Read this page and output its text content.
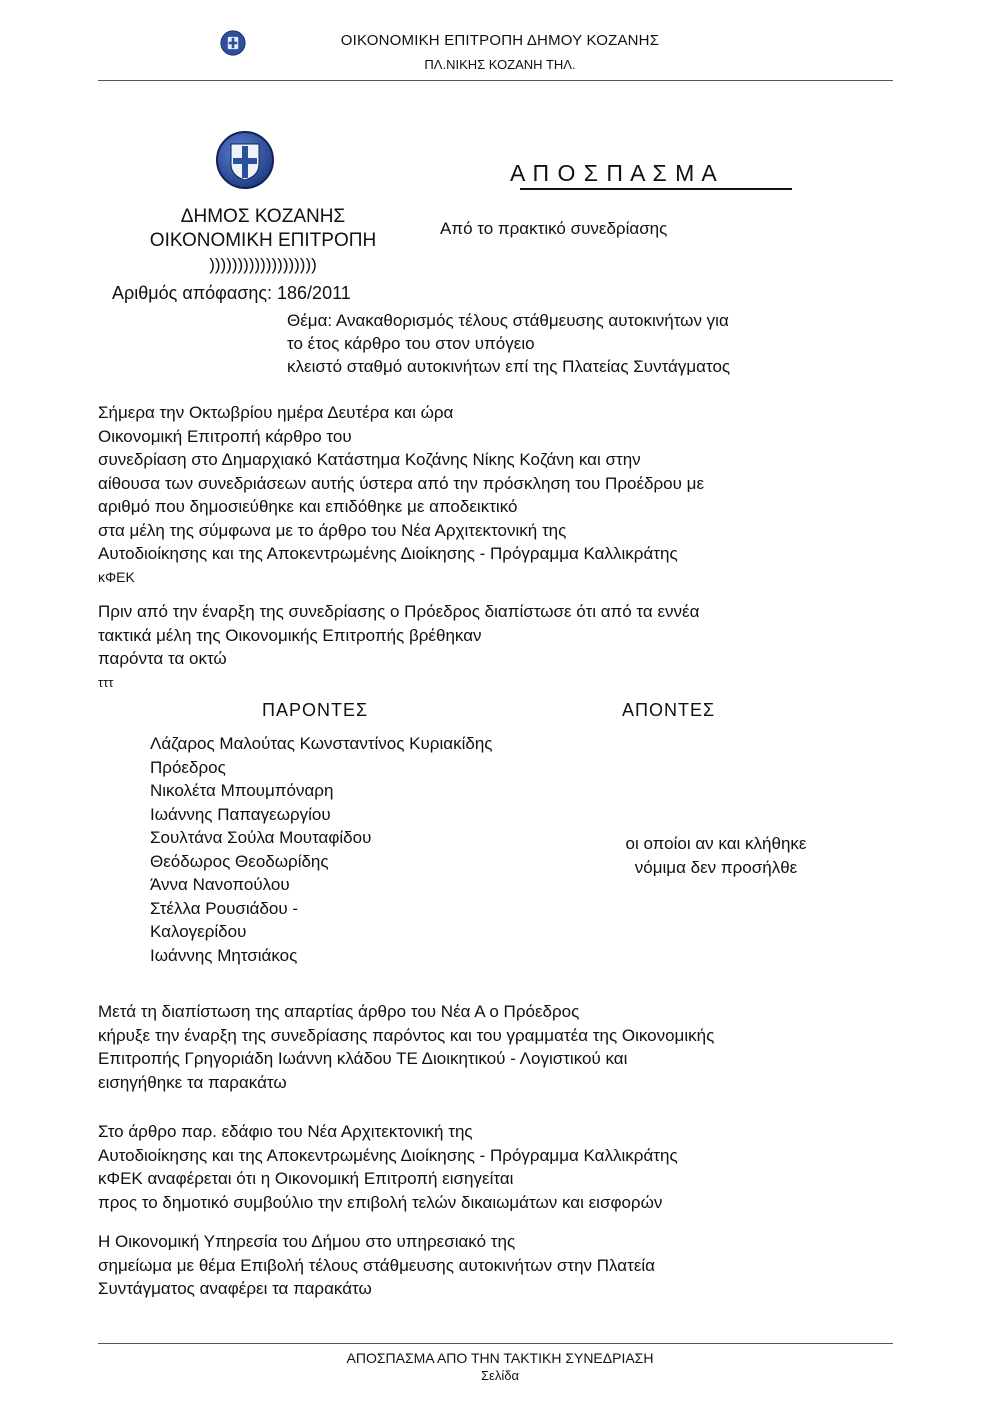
ΟΙΚΟΝΟΜΙΚΗ ΕΠΙΤΡΟΠΗ ΔΗΜΟΥ ΚΟΖΑΝΗΣ
ΠΛ.ΝΙΚΗΣ ΚΟΖΑΝΗ ΤΗΛ.
Α Π Ο Σ Π Α Σ Μ Α
Από το πρακτικό συνεδρίασης
ΔΗΜΟΣ ΚΟΖΑΝΗΣ
ΟΙΚΟΝΟΜΙΚΗ ΕΠΙΤΡΟΠΗ
)))))))))))))))))))
Αριθμός απόφασης: 186/2011
Θέμα: Ανακαθορισμός τέλους στάθμευσης αυτοκινήτων για
το έτος κάρθρο του στον υπόγειο
κλειστό σταθμό αυτοκινήτων επί της Πλατείας Συντάγματος
Σήμερα την Οκτωβρίου ημέρα Δευτέρα και ώρα
Οικονομική Επιτροπή κάρθρο του
συνεδρίαση στο Δημαρχιακό Κατάστημα Κοζάνης Νίκης Κοζάνη και στην
αίθουσα των συνεδριάσεων αυτής ύστερα από την πρόσκληση του Προέδρου με
αριθμό που δημοσιεύθηκε και επιδόθηκε με αποδεικτικό
στα μέλη της σύμφωνα με το άρθρο του Νέα Αρχιτεκτονική της
Αυτοδιοίκησης και της Αποκεντρωμένης Διοίκησης - Πρόγραμμα Καλλικράτης
κΦΕΚ
Πριν από την έναρξη της συνεδρίασης ο Πρόεδρος διαπίστωσε ότι από τα εννέα
τακτικά μέλη της Οικονομικής Επιτροπής βρέθηκαν
παρόντα τα οκτώ
τττ
ΠΑΡΟΝΤΕΣ	ΑΠΟΝΤΕΣ
Λάζαρος Μαλούτας Κωνσταντίνος Κυριακίδης
Πρόεδρος
Νικολέτα Μπουμπόναρη
Ιωάννης Παπαγεωργίου
Σουλτάνα Σούλα Μουταφίδου
Θεόδωρος Θεοδωρίδης
Άννα Νανοπούλου
Στέλλα Ρουσιάδου -
Καλογερίδου
Ιωάννης Μητσιάκος
οι οποίοι αν και κλήθηκε
νόμιμα δεν προσήλθε
Μετά τη διαπίστωση της απαρτίας άρθρο του Νέα Α ο Πρόεδρος
κήρυξε την έναρξη της συνεδρίασης παρόντος και του γραμματέα της Οικονομικής
Επιτροπής Γρηγοριάδη Ιωάννη κλάδου ΤΕ Διοικητικού - Λογιστικού και
εισηγήθηκε τα παρακάτω
Στο άρθρο παρ. εδάφιο του Νέα Αρχιτεκτονική της
Αυτοδιοίκησης και της Αποκεντρωμένης Διοίκησης - Πρόγραμμα Καλλικράτης
κΦΕΚ αναφέρεται ότι η Οικονομική Επιτροπή εισηγείται
προς το δημοτικό συμβούλιο την επιβολή τελών δικαιωμάτων και εισφορών
Η Οικονομική Υπηρεσία του Δήμου στο υπηρεσιακό της
σημείωμα με θέμα Επιβολή τέλους στάθμευσης αυτοκινήτων στην Πλατεία
Συντάγματος αναφέρει τα παρακάτω
ΑΠΟΣΠΑΣΜΑ ΑΠΟ ΤΗΝ ΤΑΚΤΙΚΗ ΣΥΝΕΔΡΙΑΣΗ
Σελίδα
